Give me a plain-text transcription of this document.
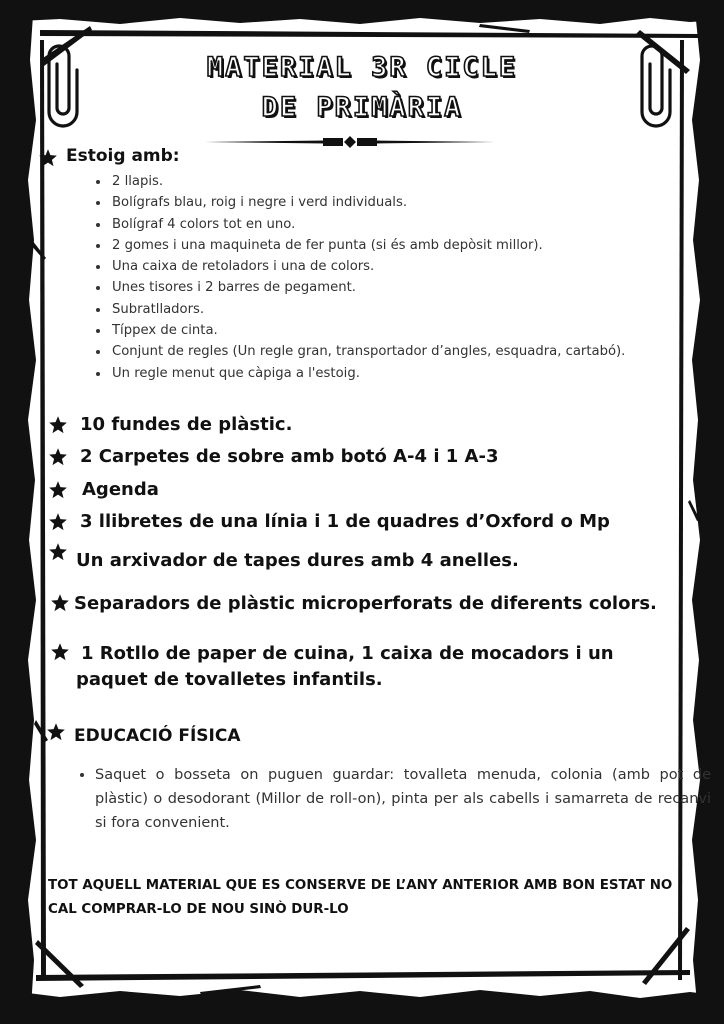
MATERIAL 3R CICLE
DE PRIMÀRIA
Estoig amb:
• 2 llapis.
• Bolígrafs blau, roig i negre i verd individuals.
• Bolígraf 4 colors tot en uno.
• 2 gomes i una maquineta de fer punta (si és amb depòsit millor).
• Una caixa de retoladors i una de colors.
• Unes tisores i 2 barres de pegament.
• Subratlladors.
• Típpex de cinta.
• Conjunt de regles (Un regle gran, transportador d’angles, esquadra, cartabó).
• Un regle menut que càpiga a l'estoig.
10 fundes de plàstic.
2 Carpetes de sobre amb botó A-4 i 1 A-3
Agenda
3 llibretes de una línia i 1 de quadres d’Oxford o Mp
Un arxivador de tapes dures amb 4 anelles.
Separadors de plàstic microperforats de diferents colors.
1 Rotllo de paper de cuina, 1 caixa de mocadors i un paquet de tovalletes infantils.
EDUCACIÓ FÍSICA
• Saquet o bosseta on puguen guardar: tovalleta menuda, colonia (amb pot de plàstic) o desodorant (Millor de roll-on), pinta per als cabells i samarreta de recanvi si fora convenient.
TOT AQUELL MATERIAL QUE ES CONSERVE DE L’ANY ANTERIOR AMB BON ESTAT NO CAL COMPRAR-LO DE NOU SINÒ DUR-LO
